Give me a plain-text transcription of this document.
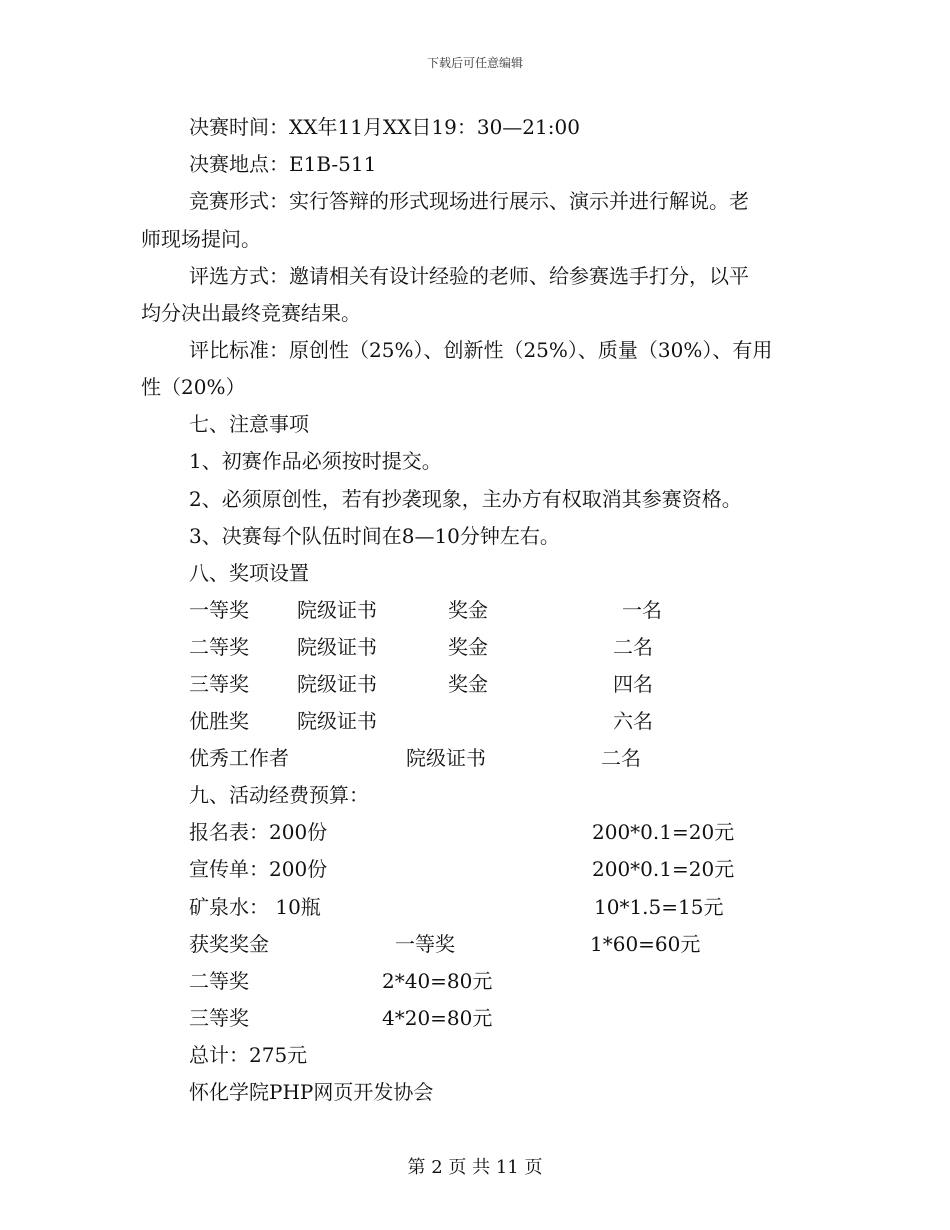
下载后可任意编辑
决赛时间：XX年11月XX日19：30—21:00
决赛地点：E1B-511
竞赛形式：实行答辩的形式现场进行展示、演示并进行解说。老
师现场提问。
评选方式：邀请相关有设计经验的老师、给参赛选手打分，以平
均分决出最终竞赛结果。
评比标准：原创性（25%）、创新性（25%）、质量（30%）、有用
性（20%）
七、注意事项
1、初赛作品必须按时提交。
2、必须原创性，若有抄袭现象，主办方有权取消其参赛资格。
3、决赛每个队伍时间在8—10分钟左右。
八、奖项设置
一等奖 院级证书	奖金	一名
二等奖 院级证书	奖金	二名
三等奖 院级证书	奖金	四名
优胜奖 院级证书	六名
优秀工作者	院级证书	二名
九、活动经费预算：
报名表：200份	200*0.1=20元
宣传单：200份	200*0.1=20元
矿泉水： 10瓶	10*1.5=15元
获奖奖金	一等奖	1*60=60元
二等奖	2*40=80元
三等奖	4*20=80元
总计：275元
怀化学院PHP网页开发协会
第 2 页 共 11 页
